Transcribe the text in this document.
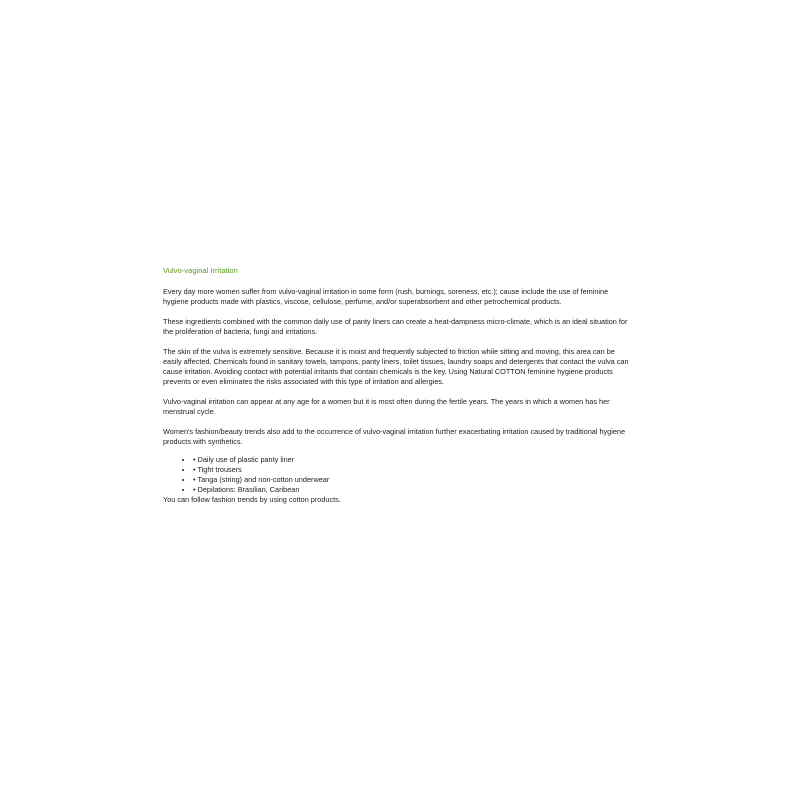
Vulvo-vaginal Irritation

Every day more women suffer from vulvo-vaginal irritation in some form (rush, burnings, soreness, etc.); cause include the use of feminine hygiene products made with plastics, viscose, cellulose, perfume, and/or superabsorbent and other petrochemical products.

These ingredients combined with the common daily use of panty liners can create a heat-dampness micro-climate, which is an ideal situation for the proliferation of bacteria, fungi and irritations.

The skin of the vulva is extremely sensitive. Because it is moist and frequently subjected to friction while sitting and moving, this area can be easily affected. Chemicals found in sanitary towels, tampons, panty liners, toilet tissues, laundry soaps and detergents that contact the vulva can cause irritation. Avoiding contact with potential irritants that contain chemicals is the key. Using Natural COTTON feminine hygiene products prevents or even eliminates the risks associated with this type of irritation and allergies.

Vulvo-vaginal irritation can appear at any age for a women but it is most often during the fertile years. The years in which a women has her menstrual cycle.

Women's fashion/beauty trends also add to the occurrence of vulvo-vaginal irritation further exacerbating irritation caused by traditional hygiene products with synthetics.

• • Daily use of plastic panty liner
• • Tight trousers
• • Tanga (string) and non-cotton underwear
• • Depilations: Brasilian, Caribean

You can follow fashion trends by using cotton products.
